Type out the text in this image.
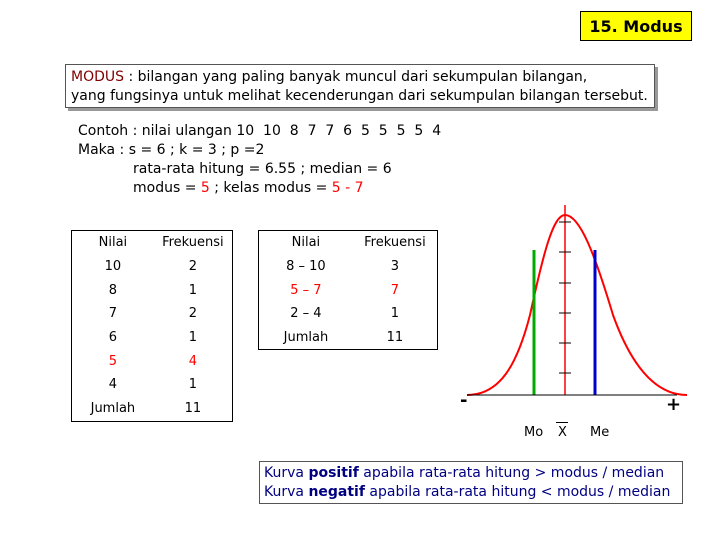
15. Modus
MODUS : bilangan yang paling banyak muncul dari sekumpulan bilangan,
yang fungsinya untuk melihat kecenderungan dari sekumpulan bilangan tersebut.
Contoh : nilai ulangan 10  10  8  7  7  6  5  5  5  5  4
Maka : s = 6 ; k = 3 ; p =2
rata-rata hitung = 6.55 ; median = 6
modus = 5 ; kelas modus = 5 - 7
Nilai	Frekuensi
10	2
8	1
7	2
6	1
5	4
4	1
Jumlah	11
Nilai	Frekuensi
8 – 10	3
5 – 7	7
2 – 4	1
Jumlah	11
-	+
Mo X Me
Kurva positif apabila rata-rata hitung > modus / median
Kurva negatif apabila rata-rata hitung < modus / median
